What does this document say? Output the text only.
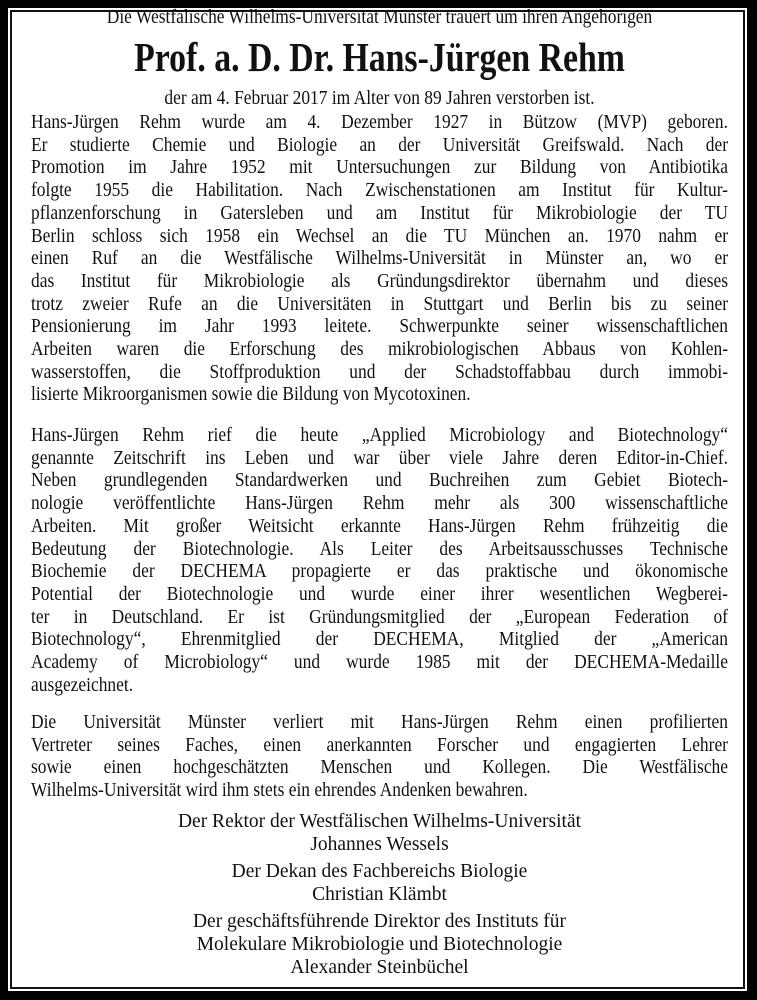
Die Westfälische Wilhelms-Universität Münster trauert um ihren Angehörigen
Prof. a. D. Dr. Hans-Jürgen Rehm
der am 4. Februar 2017 im Alter von 89 Jahren verstorben ist.
Hans-Jürgen Rehm wurde am 4. Dezember 1927 in Bützow (MVP) geboren.
Er studierte Chemie und Biologie an der Universität Greifswald. Nach der
Promotion im Jahre 1952 mit Untersuchungen zur Bildung von Antibiotika
folgte 1955 die Habilitation. Nach Zwischenstationen am Institut für Kultur-
pflanzenforschung in Gatersleben und am Institut für Mikrobiologie der TU
Berlin schloss sich 1958 ein Wechsel an die TU München an. 1970 nahm er
einen Ruf an die Westfälische Wilhelms-Universität in Münster an, wo er
das Institut für Mikrobiologie als Gründungsdirektor übernahm und dieses
trotz zweier Rufe an die Universitäten in Stuttgart und Berlin bis zu seiner
Pensionierung im Jahr 1993 leitete. Schwerpunkte seiner wissenschaftlichen
Arbeiten waren die Erforschung des mikrobiologischen Abbaus von Kohlen-
wasserstoffen, die Stoffproduktion und der Schadstoffabbau durch immobi-
lisierte Mikroorganismen sowie die Bildung von Mycotoxinen.
Hans-Jürgen Rehm rief die heute „Applied Microbiology and Biotechnology“
genannte Zeitschrift ins Leben und war über viele Jahre deren Editor-in-Chief.
Neben grundlegenden Standardwerken und Buchreihen zum Gebiet Biotech-
nologie veröffentlichte Hans-Jürgen Rehm mehr als 300 wissenschaftliche
Arbeiten. Mit großer Weitsicht erkannte Hans-Jürgen Rehm frühzeitig die
Bedeutung der Biotechnologie. Als Leiter des Arbeitsausschusses Technische
Biochemie der DECHEMA propagierte er das praktische und ökonomische
Potential der Biotechnologie und wurde einer ihrer wesentlichen Wegberei-
ter in Deutschland. Er ist Gründungsmitglied der „European Federation of
Biotechnology“, Ehrenmitglied der DECHEMA, Mitglied der „American
Academy of Microbiology“ und wurde 1985 mit der DECHEMA-Medaille
ausgezeichnet.
Die Universität Münster verliert mit Hans-Jürgen Rehm einen profilierten
Vertreter seines Faches, einen anerkannten Forscher und engagierten Lehrer
sowie einen hochgeschätzten Menschen und Kollegen. Die Westfälische
Wilhelms-Universität wird ihm stets ein ehrendes Andenken bewahren.
Der Rektor der Westfälischen Wilhelms-Universität
Johannes Wessels
Der Dekan des Fachbereichs Biologie
Christian Klämbt
Der geschäftsführende Direktor des Instituts für
Molekulare Mikrobiologie und Biotechnologie
Alexander Steinbüchel
